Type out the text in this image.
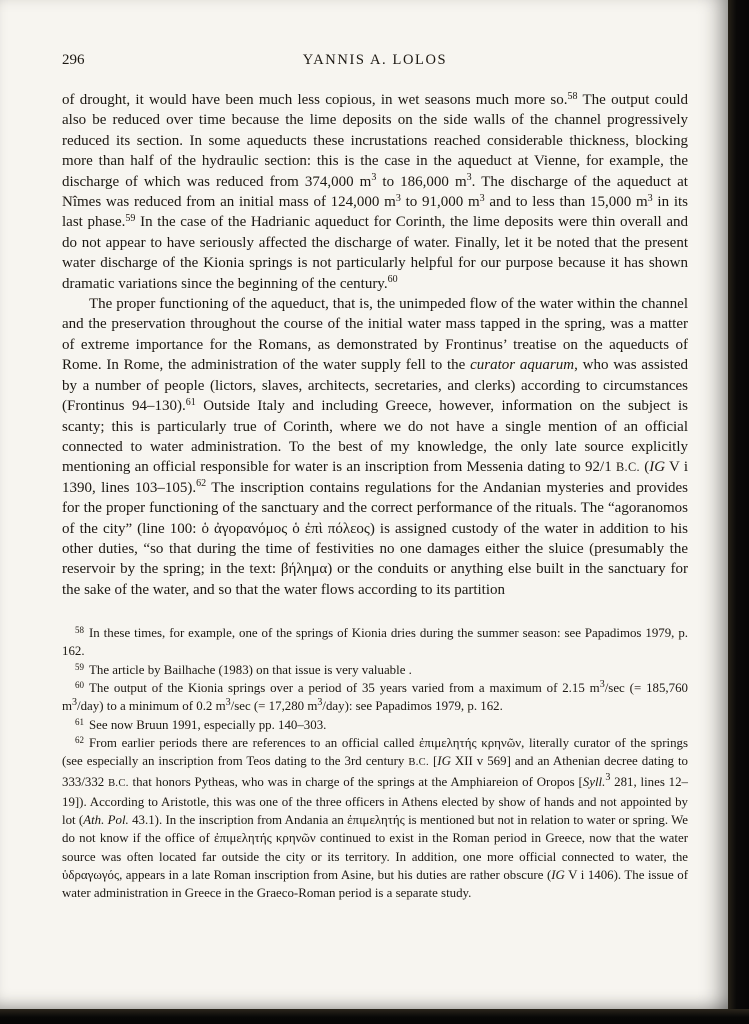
296	YANNIS A. LOLOS

of drought, it would have been much less copious, in wet seasons much more so.$^{58}$ The output could also be reduced over time because the lime deposits on the side walls of the channel progressively reduced its section. In some aqueducts these incrustations reached considerable thickness, blocking more than half of the hydraulic section: this is the case in the aqueduct at Vienne, for example, the discharge of which was reduced from 374,000 m$^3$ to 186,000 m$^3$. The discharge of the aqueduct at Nîmes was reduced from an initial mass of 124,000 m$^3$ to 91,000 m$^3$ and to less than 15,000 m$^3$ in its last phase.$^{59}$ In the case of the Hadrianic aqueduct for Corinth, the lime deposits were thin overall and do not appear to have seriously affected the discharge of water. Finally, let it be noted that the present water discharge of the Kionia springs is not particularly helpful for our purpose because it has shown dramatic variations since the beginning of the century.$^{60}$

The proper functioning of the aqueduct, that is, the unimpeded flow of the water within the channel and the preservation throughout the course of the initial water mass tapped in the spring, was a matter of extreme importance for the Romans, as demonstrated by Frontinus’ treatise on the aqueducts of Rome. In Rome, the administration of the water supply fell to the curator aquarum, who was assisted by a number of people (lictors, slaves, architects, secretaries, and clerks) according to circumstances (Frontinus 94–130).$^{61}$ Outside Italy and including Greece, however, information on the subject is scanty; this is particularly true of Corinth, where we do not have a single mention of an official connected to water administration. To the best of my knowledge, the only late source explicitly mentioning an official responsible for water is an inscription from Messenia dating to 92/1 B.C. (IG V i 1390, lines 103–105).$^{62}$ The inscription contains regulations for the Andanian mysteries and provides for the proper functioning of the sanctuary and the correct performance of the rituals. The “agoranomos of the city” (line 100: ὁ ἀγορανόμος ὁ ἐπὶ πόλεος) is assigned custody of the water in addition to his other duties, “so that during the time of festivities no one damages either the sluice (presumably the reservoir by the spring; in the text: βήλημα) or the conduits or anything else built in the sanctuary for the sake of the water, and so that the water flows according to its partition

$^{58}$ In these times, for example, one of the springs of Kionia dries during the summer season: see Papadimos 1979, p. 162.

$^{59}$ The article by Bailhache (1983) on that issue is very valuable .

$^{60}$ The output of the Kionia springs over a period of 35 years varied from a maximum of 2.15 m$^3$/sec (= 185,760 m$^3$/day) to a minimum of 0.2 m$^3$/sec (= 17,280 m$^3$/day): see Papadimos 1979, p. 162.

$^{61}$ See now Bruun 1991, especially pp. 140–303.

$^{62}$ From earlier periods there are references to an official called ἐπιμελητής κρηνῶν, literally curator of the springs (see especially an inscription from Teos dating to the 3rd century B.C. [IG XII v 569] and an Athenian decree dating to 333/332 B.C. that honors Pytheas, who was in charge of the springs at the Amphiareion of Oropos [Syll.$^3$ 281, lines 12–19]). According to Aristotle, this was one of the three officers in Athens elected by show of hands and not appointed by lot (Ath. Pol. 43.1). In the inscription from Andania an ἐπιμελητής is mentioned but not in relation to water or spring. We do not know if the office of ἐπιμελητής κρηνῶν continued to exist in the Roman period in Greece, now that the water source was often located far outside the city or its territory. In addition, one more official connected to water, the ὑδραγωγός, appears in a late Roman inscription from Asine, but his duties are rather obscure (IG V i 1406). The issue of water administration in Greece in the Graeco-Roman period is a separate study.
